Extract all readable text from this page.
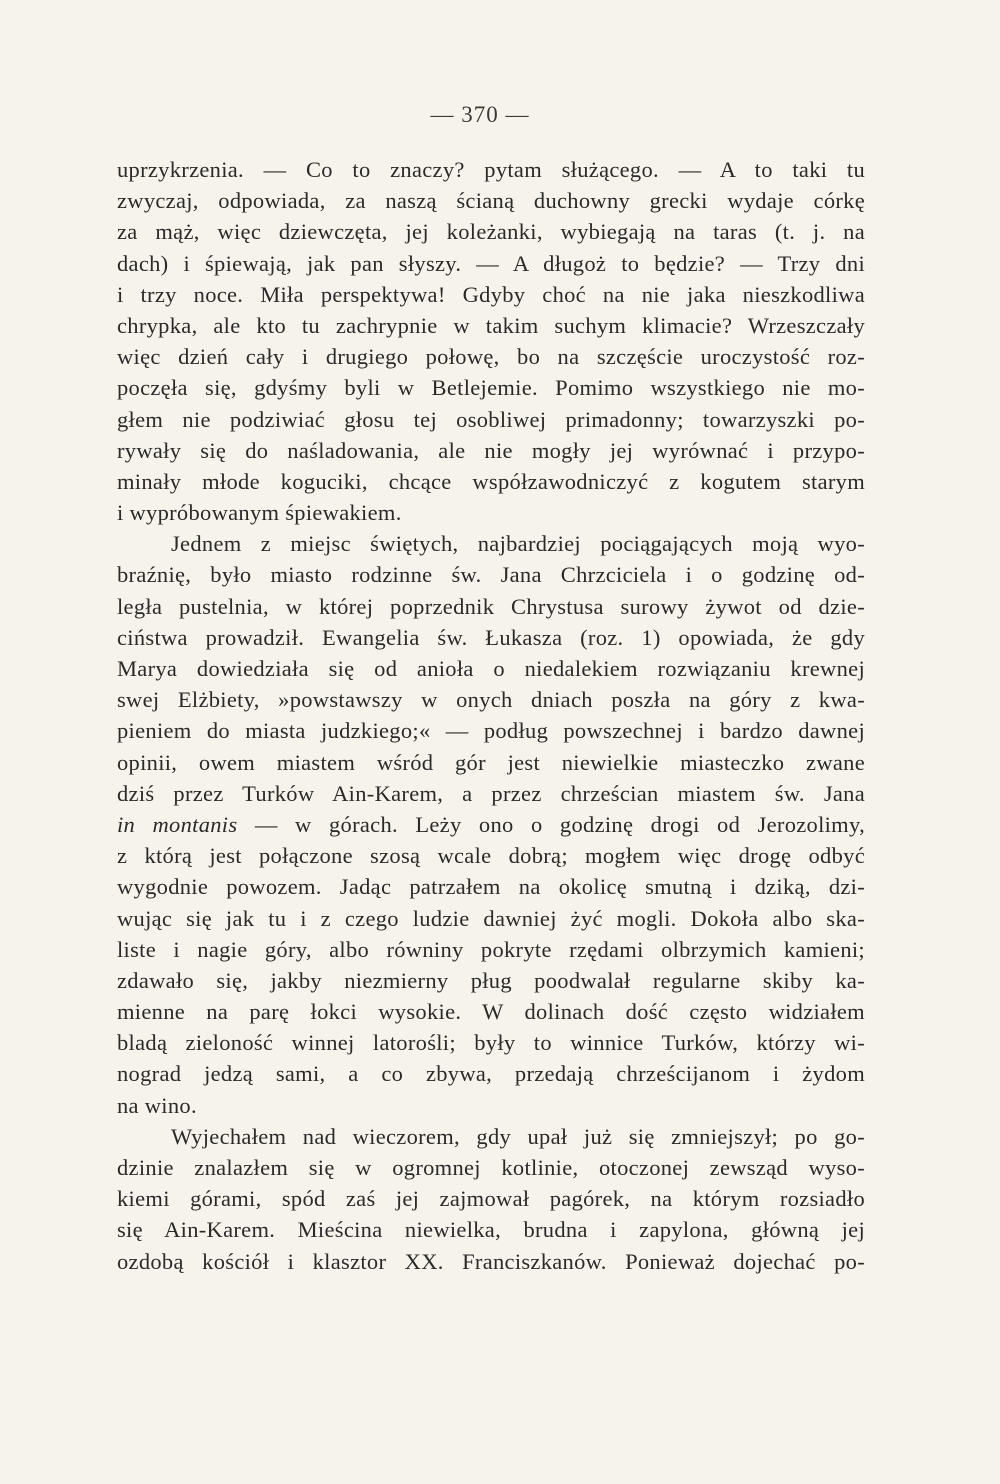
— 370 —
uprzykrzenia. — Co to znaczy? pytam służącego. — A to taki tu
zwyczaj, odpowiada, za naszą ścianą duchowny grecki wydaje córkę
za mąż, więc dziewczęta, jej koleżanki, wybiegają na taras (t. j. na
dach) i śpiewają, jak pan słyszy. — A długoż to będzie? — Trzy dni
i trzy noce. Miła perspektywa! Gdyby choć na nie jaka nieszkodliwa
chrypka, ale kto tu zachrypnie w takim suchym klimacie? Wrzeszczały
więc dzień cały i drugiego połowę, bo na szczęście uroczystość roz-
poczęła się, gdyśmy byli w Betlejemie. Pomimo wszystkiego nie mo-
głem nie podziwiać głosu tej osobliwej primadonny; towarzyszki po-
rywały się do naśladowania, ale nie mogły jej wyrównać i przypo-
minały młode koguciki, chcące współzawodniczyć z kogutem starym
i wypróbowanym śpiewakiem.
Jednem z miejsc świętych, najbardziej pociągających moją wyo-
braźnię, było miasto rodzinne św. Jana Chrzciciela i o godzinę od-
legła pustelnia, w której poprzednik Chrystusa surowy żywot od dzie-
ciństwa prowadził. Ewangelia św. Łukasza (roz. 1) opowiada, że gdy
Marya dowiedziała się od anioła o niedalekiem rozwiązaniu krewnej
swej Elżbiety, »powstawszy w onych dniach poszła na góry z kwa-
pieniem do miasta judzkiego;« — podług powszechnej i bardzo dawnej
opinii, owem miastem wśród gór jest niewielkie miasteczko zwane
dziś przez Turków Ain-Karem, a przez chrześcian miastem św. Jana
in montanis — w górach. Leży ono o godzinę drogi od Jerozolimy,
z którą jest połączone szosą wcale dobrą; mogłem więc drogę odbyć
wygodnie powozem. Jadąc patrzałem na okolicę smutną i dziką, dzi-
wując się jak tu i z czego ludzie dawniej żyć mogli. Dokoła albo ska-
liste i nagie góry, albo równiny pokryte rzędami olbrzymich kamieni;
zdawało się, jakby niezmierny pług poodwalał regularne skiby ka-
mienne na parę łokci wysokie. W dolinach dość często widziałem
bladą zieloność winnej latorośli; były to winnice Turków, którzy wi-
nograd jedzą sami, a co zbywa, przedają chrześcijanom i żydom
na wino.
Wyjechałem nad wieczorem, gdy upał już się zmniejszył; po go-
dzinie znalazłem się w ogromnej kotlinie, otoczonej zewsząd wyso-
kiemi górami, spód zaś jej zajmował pagórek, na którym rozsiadło
się Ain-Karem. Mieścina niewielka, brudna i zapylona, główną jej
ozdobą kościół i klasztor XX. Franciszkanów. Ponieważ dojechać po-
